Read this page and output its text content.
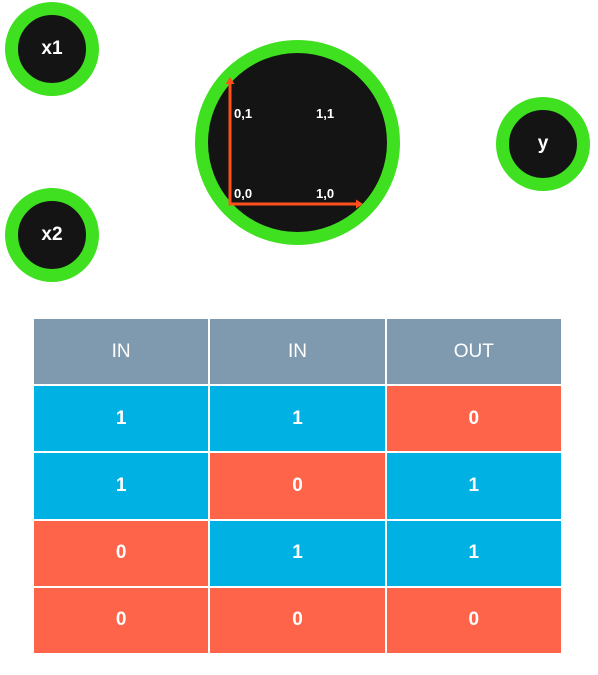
x1
x2
0,1	1,1
0,0	1,0
y
IN	IN	OUT
1	1	0
1	0	1
0	1	1
0	0	0
